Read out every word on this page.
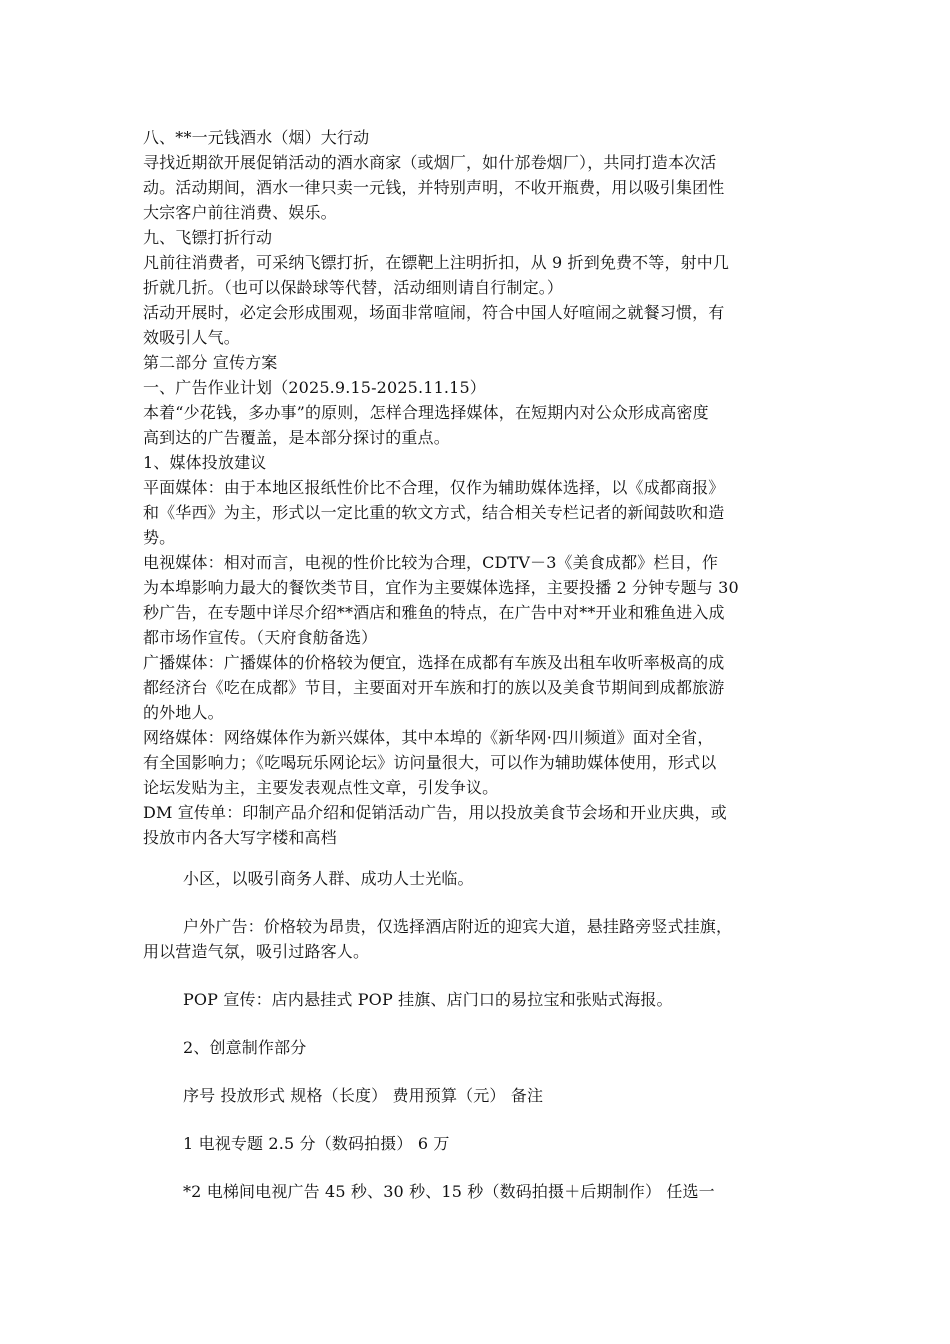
八、**一元钱酒水（烟）大行动
寻找近期欲开展促销活动的酒水商家（或烟厂，如什邡卷烟厂），共同打造本次活
动。活动期间，酒水一律只卖一元钱，并特别声明，不收开瓶费，用以吸引集团性
大宗客户前往消费、娱乐。
九、飞镖打折行动
凡前往消费者，可采纳飞镖打折，在镖靶上注明折扣，从 9 折到免费不等，射中几
折就几折。（也可以保龄球等代替，活动细则请自行制定。）
活动开展时，必定会形成围观，场面非常喧闹，符合中国人好喧闹之就餐习惯，有
效吸引人气。
第二部分 宣传方案
一、广告作业计划（2025.9.15-2025.11.15）
本着“少花钱，多办事”的原则，怎样合理选择媒体，在短期内对公众形成高密度
高到达的广告覆盖，是本部分探讨的重点。
1、媒体投放建议
平面媒体：由于本地区报纸性价比不合理，仅作为辅助媒体选择，以《成都商报》
和《华西》为主，形式以一定比重的软文方式，结合相关专栏记者的新闻鼓吹和造
势。
电视媒体：相对而言，电视的性价比较为合理，CDTV－3《美食成都》栏目，作
为本埠影响力最大的餐饮类节目，宜作为主要媒体选择，主要投播 2 分钟专题与 30
秒广告，在专题中详尽介绍**酒店和雅鱼的特点，在广告中对**开业和雅鱼进入成
都市场作宣传。（天府食舫备选）
广播媒体：广播媒体的价格较为便宜，选择在成都有车族及出租车收听率极高的成
都经济台《吃在成都》节目，主要面对开车族和打的族以及美食节期间到成都旅游
的外地人。
网络媒体：网络媒体作为新兴媒体，其中本埠的《新华网·四川频道》面对全省，
有全国影响力；《吃喝玩乐网论坛》访问量很大，可以作为辅助媒体使用，形式以
论坛发贴为主，主要发表观点性文章，引发争议。
DM 宣传单：印制产品介绍和促销活动广告，用以投放美食节会场和开业庆典，或
投放市内各大写字楼和高档
小区，以吸引商务人群、成功人士光临。
户外广告：价格较为昂贵，仅选择酒店附近的迎宾大道，悬挂路旁竖式挂旗，
用以营造气氛，吸引过路客人。
POP 宣传：店内悬挂式 POP 挂旗、店门口的易拉宝和张贴式海报。
2、创意制作部分
序号 投放形式 规格（长度） 费用预算（元） 备注
1 电视专题 2.5 分（数码拍摄） 6 万
*2 电梯间电视广告 45 秒、30 秒、15 秒（数码拍摄＋后期制作） 任选一
